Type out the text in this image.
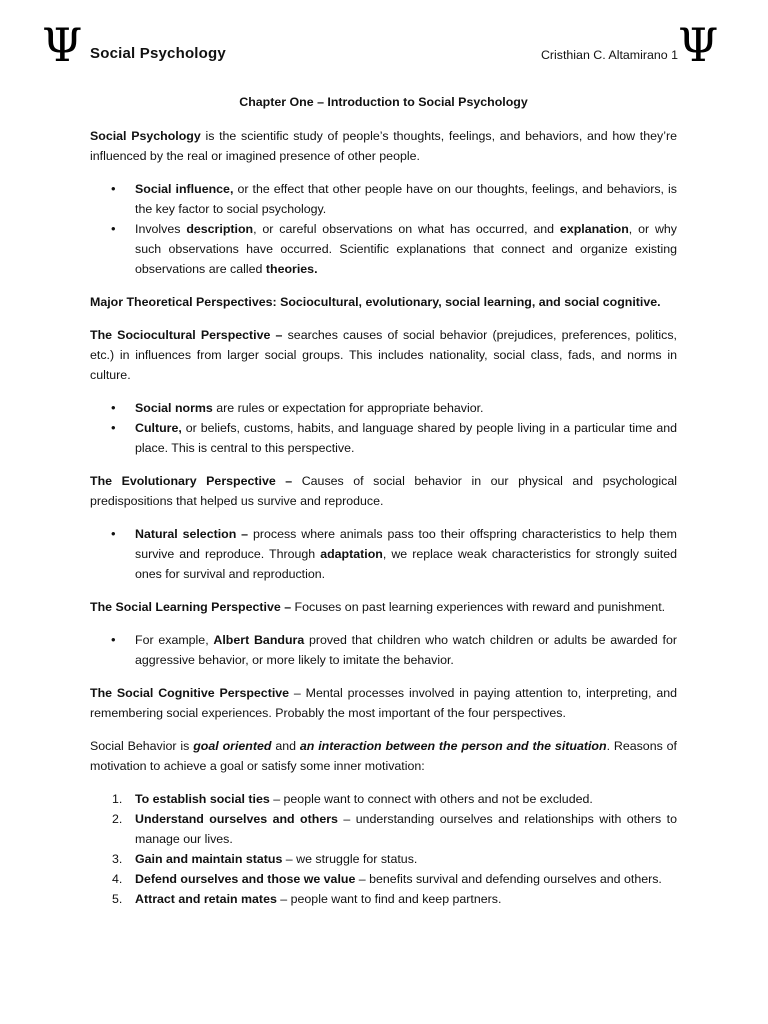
Ψ Social Psychology	Cristhian C. Altamirano 1 Ψ

Chapter One – Introduction to Social Psychology

Social Psychology is the scientific study of people’s thoughts, feelings, and behaviors, and how they’re influenced by the real or imagined presence of other people.

• Social influence, or the effect that other people have on our thoughts, feelings, and behaviors, is the key factor to social psychology.
• Involves description, or careful observations on what has occurred, and explanation, or why such observations have occurred. Scientific explanations that connect and organize existing observations are called theories.

Major Theoretical Perspectives: Sociocultural, evolutionary, social learning, and social cognitive.

The Sociocultural Perspective – searches causes of social behavior (prejudices, preferences, politics, etc.) in influences from larger social groups. This includes nationality, social class, fads, and norms in culture.

• Social norms are rules or expectation for appropriate behavior.
• Culture, or beliefs, customs, habits, and language shared by people living in a particular time and place. This is central to this perspective.

The Evolutionary Perspective – Causes of social behavior in our physical and psychological predispositions that helped us survive and reproduce.

• Natural selection – process where animals pass too their offspring characteristics to help them survive and reproduce. Through adaptation, we replace weak characteristics for strongly suited ones for survival and reproduction.

The Social Learning Perspective – Focuses on past learning experiences with reward and punishment.

• For example, Albert Bandura proved that children who watch children or adults be awarded for aggressive behavior, or more likely to imitate the behavior.

The Social Cognitive Perspective – Mental processes involved in paying attention to, interpreting, and remembering social experiences. Probably the most important of the four perspectives.

Social Behavior is goal oriented and an interaction between the person and the situation. Reasons of motivation to achieve a goal or satisfy some inner motivation:

1. To establish social ties – people want to connect with others and not be excluded.
2. Understand ourselves and others – understanding ourselves and relationships with others to manage our lives.
3. Gain and maintain status – we struggle for status.
4. Defend ourselves and those we value – benefits survival and defending ourselves and others.
5. Attract and retain mates – people want to find and keep partners.
